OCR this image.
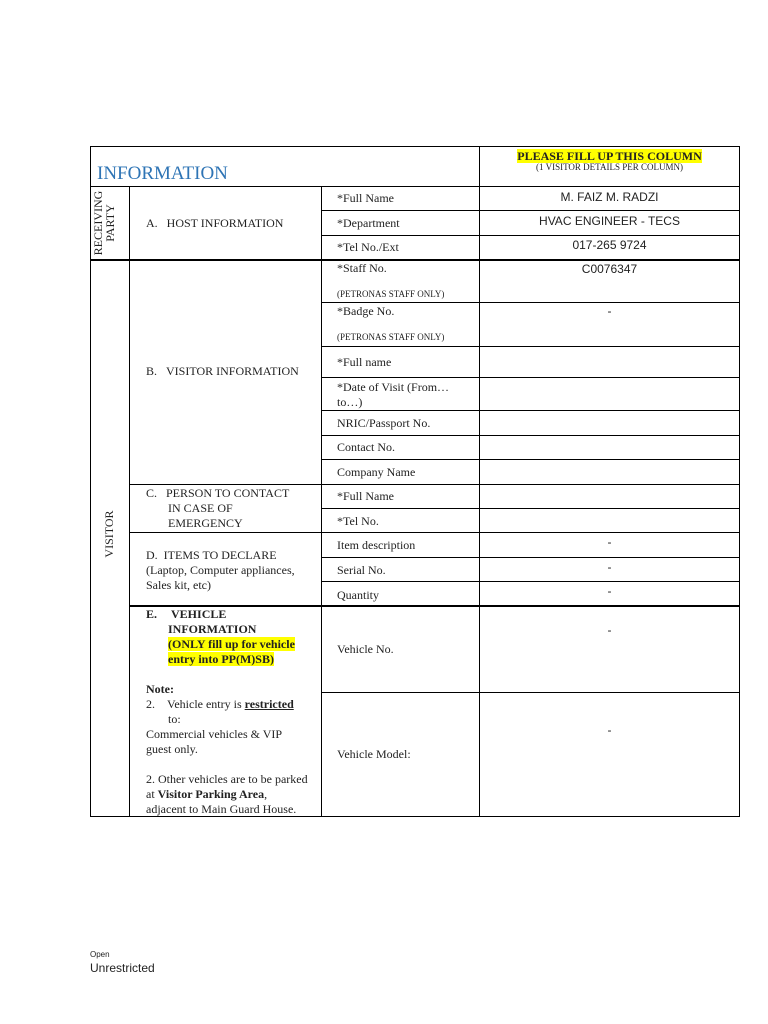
INFORMATION
PLEASE FILL UP THIS COLUMN
(1 VISITOR DETAILS PER COLUMN)
RECEIVING
PARTY
VISITOR
A.   HOST INFORMATION
*Full Name
*Department
*Tel No./Ext
M. FAIZ M. RADZI
HVAC ENGINEER - TECS
017-265 9724
B.   VISITOR INFORMATION
*Staff No.
(PETRONAS STAFF ONLY)
C0076347
*Badge No.
(PETRONAS STAFF ONLY)
-
*Full name
*Date of Visit (From…
to…)
NRIC/Passport No.
Contact No.
Company Name
C.   PERSON TO CONTACT
IN CASE OF
EMERGENCY
*Full Name
*Tel No.
D.  ITEMS TO DECLARE
(Laptop, Computer appliances,
Sales kit, etc)
Item description
Serial No.
Quantity
-
-
-
E. VEHICLE
INFORMATION
(ONLY fill up for vehicle
entry into PP(M)SB)
Note:
2.    Vehicle entry is restricted
to:
Commercial vehicles & VIP
guest only.
2. Other vehicles are to be parked
at Visitor Parking Area,
adjacent to Main Guard House.
Vehicle No.
Vehicle Model:
-
-
Open
Unrestricted
